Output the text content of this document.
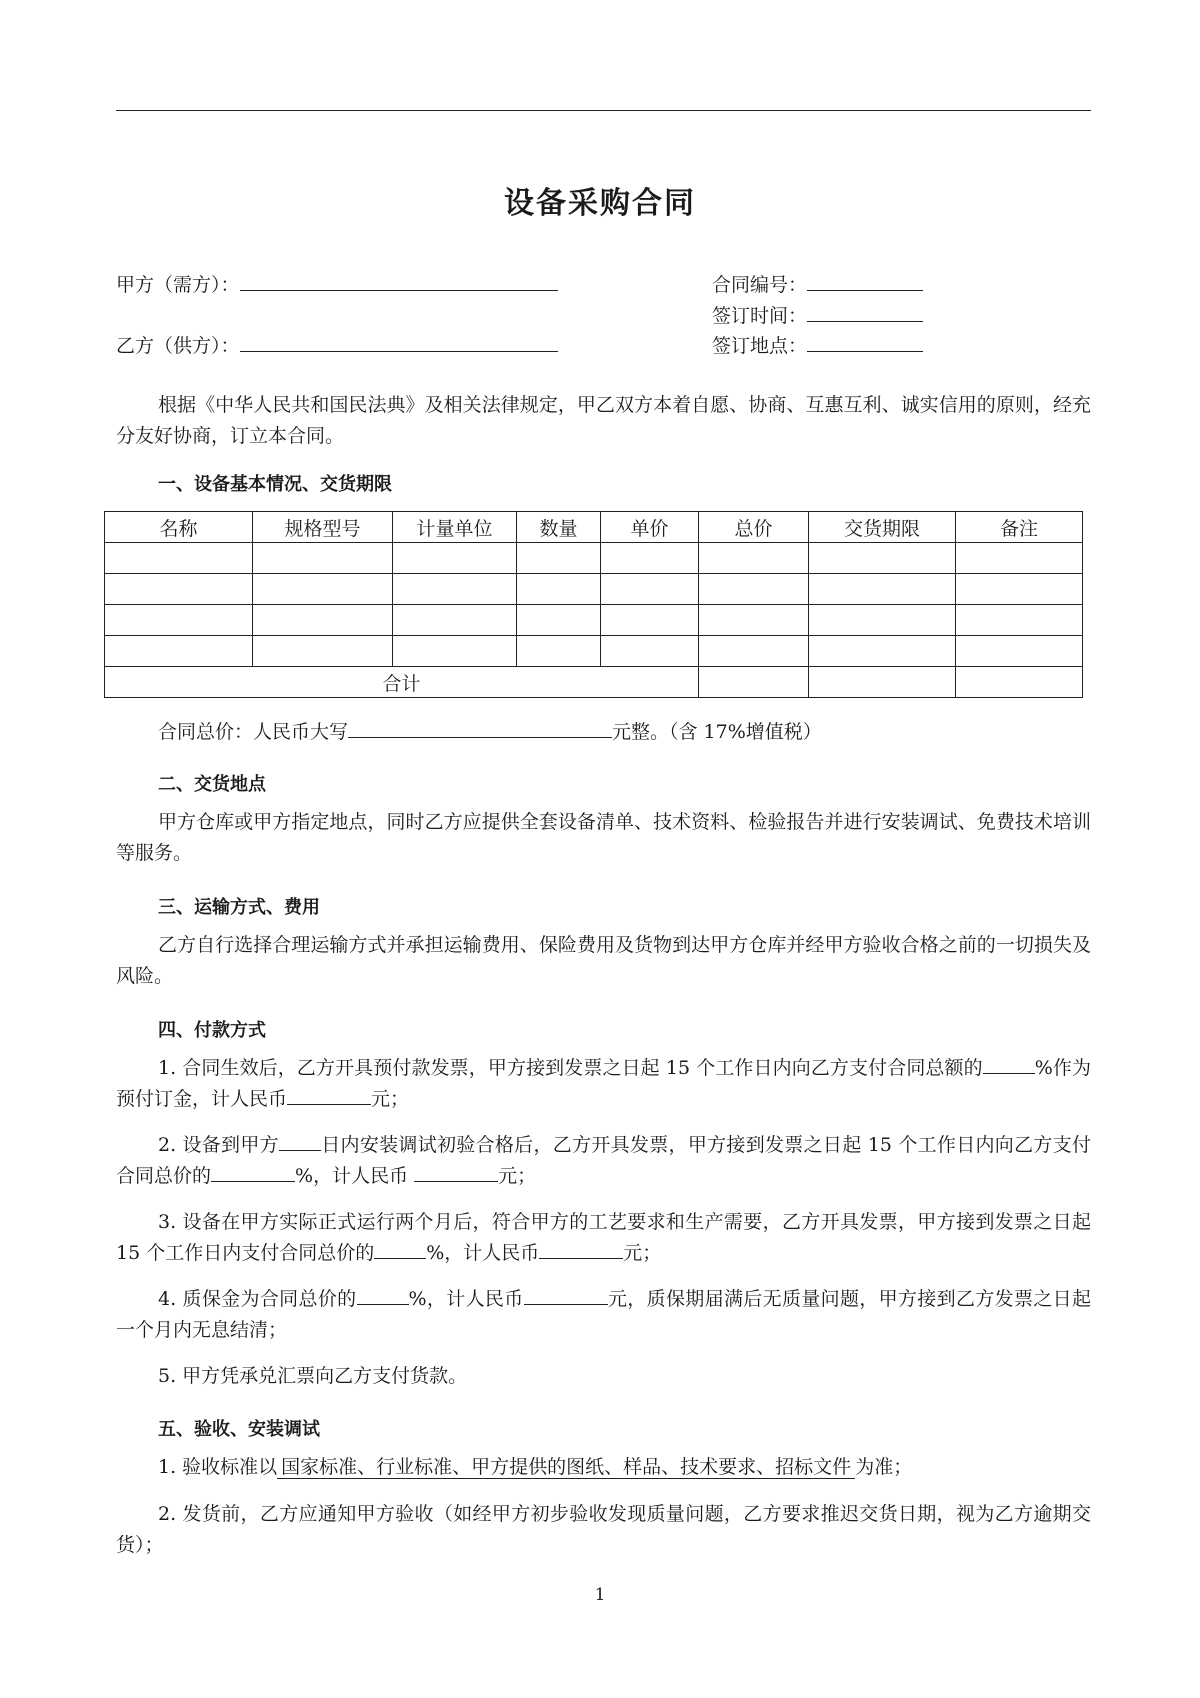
设备采购合同
甲方（需方）：
乙方（供方）：
合同编号：
签订时间：
签订地点：

根据《中华人民共和国民法典》及相关法律规定，甲乙双方本着自愿、协商、互惠互利、诚实信用的原则，经充分友好协商，订立本合同。

一、设备基本情况、交货期限

名称	规格型号	计量单位	数量	单价	总价	交货期限	备注

合计							
合同总价：人民币大写	元整。（含 17%增值税）

二、交货地点

甲方仓库或甲方指定地点，同时乙方应提供全套设备清单、技术资料、检验报告并进行安装调试、免费技术培训等服务。

三、运输方式、费用

乙方自行选择合理运输方式并承担运输费用、保险费用及货物到达甲方仓库并经甲方验收合格之前的一切损失及风险。

四、付款方式

1. 合同生效后，乙方开具预付款发票，甲方接到发票之日起 15 个工作日内向乙方支付合同总额的	%作为预付订金，计人民币	元；

2. 设备到甲方 日内安装调试初验合格后，乙方开具发票，甲方接到发票之日起 15 个工作日内向乙方支付合同总价的	%，计人民币	元；

3. 设备在甲方实际正式运行两个月后，符合甲方的工艺要求和生产需要，乙方开具发票，甲方接到发票之日起 15 个工作日内支付合同总价的	%，计人民币	元；

4. 质保金为合同总价的	%，计人民币	元，质保期届满后无质量问题，甲方接到乙方发票之日起一个月内无息结清；

5. 甲方凭承兑汇票向乙方支付货款。

五、验收、安装调试

1. 验收标准以 国家标准、行业标准、甲方提供的图纸、样品、技术要求、招标文件 为准；

2. 发货前，乙方应通知甲方验收（如经甲方初步验收发现质量问题，乙方要求推迟交货日期，视为乙方逾期交货）；

1
